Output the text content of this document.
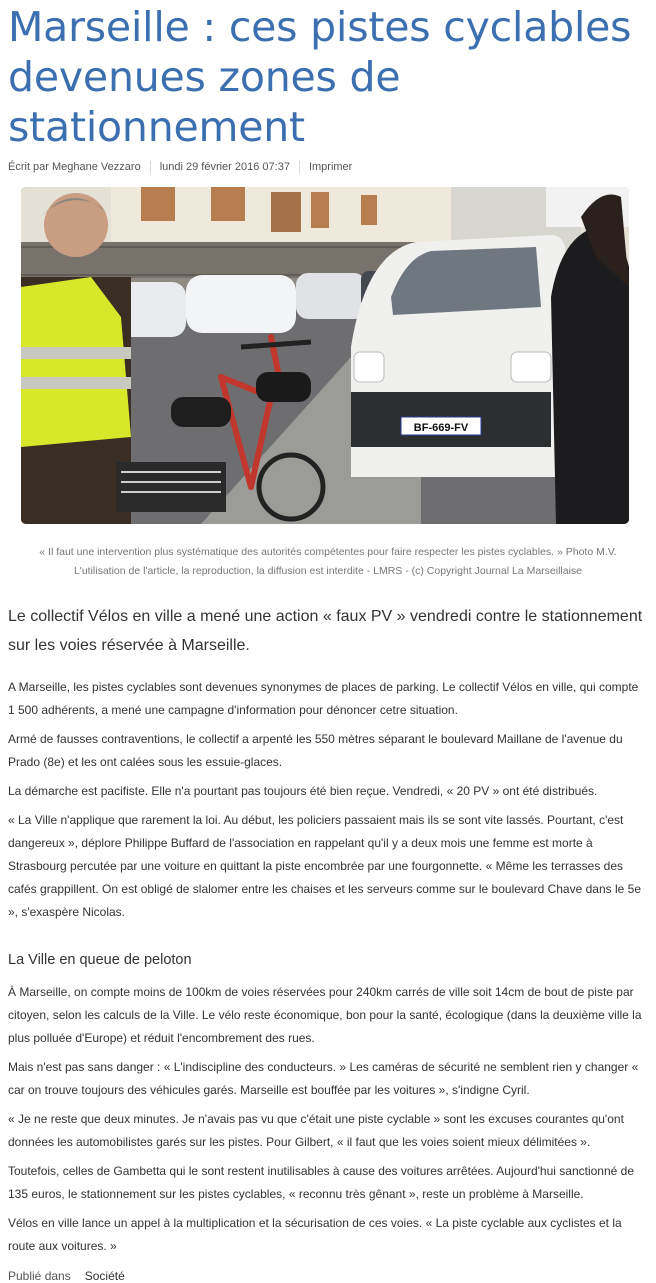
Marseille : ces pistes cyclables devenues zones de stationnement
Écrit par Meghane Vezzaro lundi 29 février 2016 07:37 Imprimer
BF-669-FV
« Il faut une intervention plus systématique des autorités compétentes pour faire respecter les pistes cyclables. » Photo M.V.
L'utilisation de l'article, la reproduction, la diffusion est interdite - LMRS - (c) Copyright Journal La Marseillaise
Le collectif Vélos en ville a mené une action « faux PV » vendredi contre le stationnement sur les voies réservée à Marseille.

A Marseille, les pistes cyclables sont devenues synonymes de places de parking. Le collectif Vélos en ville, qui compte 1 500 adhérents, a mené une campagne d'information pour dénoncer cetre situation.

Armé de fausses contraventions, le collectif a arpenté les 550 mètres séparant le boulevard Maillane de l'avenue du Prado (8e) et les ont calées sous les essuie-glaces.

La démarche est pacifiste. Elle n'a pourtant pas toujours été bien reçue. Vendredi, « 20 PV » ont été distribués.

« La Ville n'applique que rarement la loi. Au début, les policiers passaient mais ils se sont vite lassés. Pourtant, c'est dangereux », déplore Philippe Buffard de l'association en rappelant qu'il y a deux mois une femme est morte à Strasbourg percutée par une voiture en quittant la piste encombrée par une fourgonnette. « Même les terrasses des cafés grappillent. On est obligé de slalomer entre les chaises et les serveurs comme sur le boulevard Chave dans le 5e », s'exaspère Nicolas.

La Ville en queue de peloton

À Marseille, on compte moins de 100km de voies réservées pour 240km carrés de ville soit 14cm de bout de piste par citoyen, selon les calculs de la Ville. Le vélo reste économique, bon pour la santé, écologique (dans la deuxième ville la plus polluée d'Europe) et réduit l'encombrement des rues.

Mais n'est pas sans danger : « L'indiscipline des conducteurs. » Les caméras de sécurité ne semblent rien y changer « car on trouve toujours des véhicules garés. Marseille est bouffée par les voitures », s'indigne Cyril.

« Je ne reste que deux minutes. Je n'avais pas vu que c'était une piste cyclable » sont les excuses courantes qu'ont données les automobilistes garés sur les pistes. Pour Gilbert, « il faut que les voies soient mieux délimitées ».

Toutefois, celles de Gambetta qui le sont restent inutilisables à cause des voitures arrêtées. Aujourd'hui sanctionné de 135 euros, le stationnement sur les pistes cyclables, « reconnu très gênant », reste un problème à Marseille.

Vélos en ville lance un appel à la multiplication et la sécurisation de ces voies. « La piste cyclable aux cyclistes et la route aux voitures. »

Publié dans Société
